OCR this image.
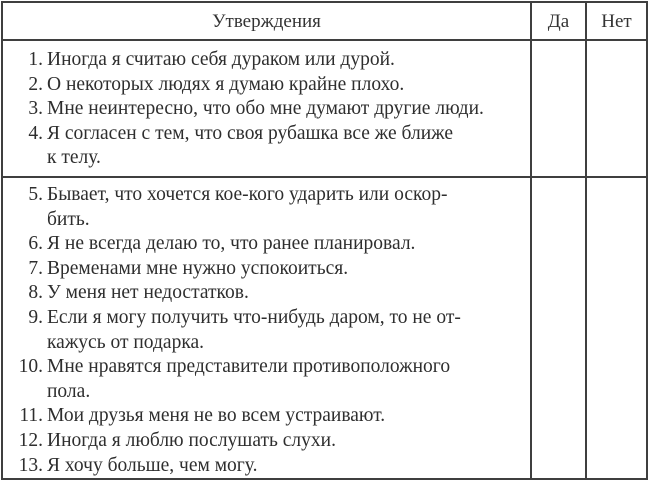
Утверждения	Да Нет
1. Иногда я считаю себя дураком или дурой.
2. О некоторых людях я думаю крайне плохо.
3. Мне неинтересно, что обо мне думают другие люди.
4. Я согласен с тем, что своя рубашка все же ближе
к телу.
5. Бывает, что хочется кое-кого ударить или оскор-
бить.
6. Я не всегда делаю то, что ранее планировал.
7. Временами мне нужно успокоиться.
8. У меня нет недостатков.
9. Если я могу получить что-нибудь даром, то не от-
кажусь от подарка.
10. Мне нравятся представители противоположного
пола.
11. Мои друзья меня не во всем устраивают.
12. Иногда я люблю послушать слухи.
13. Я хочу больше, чем могу.
